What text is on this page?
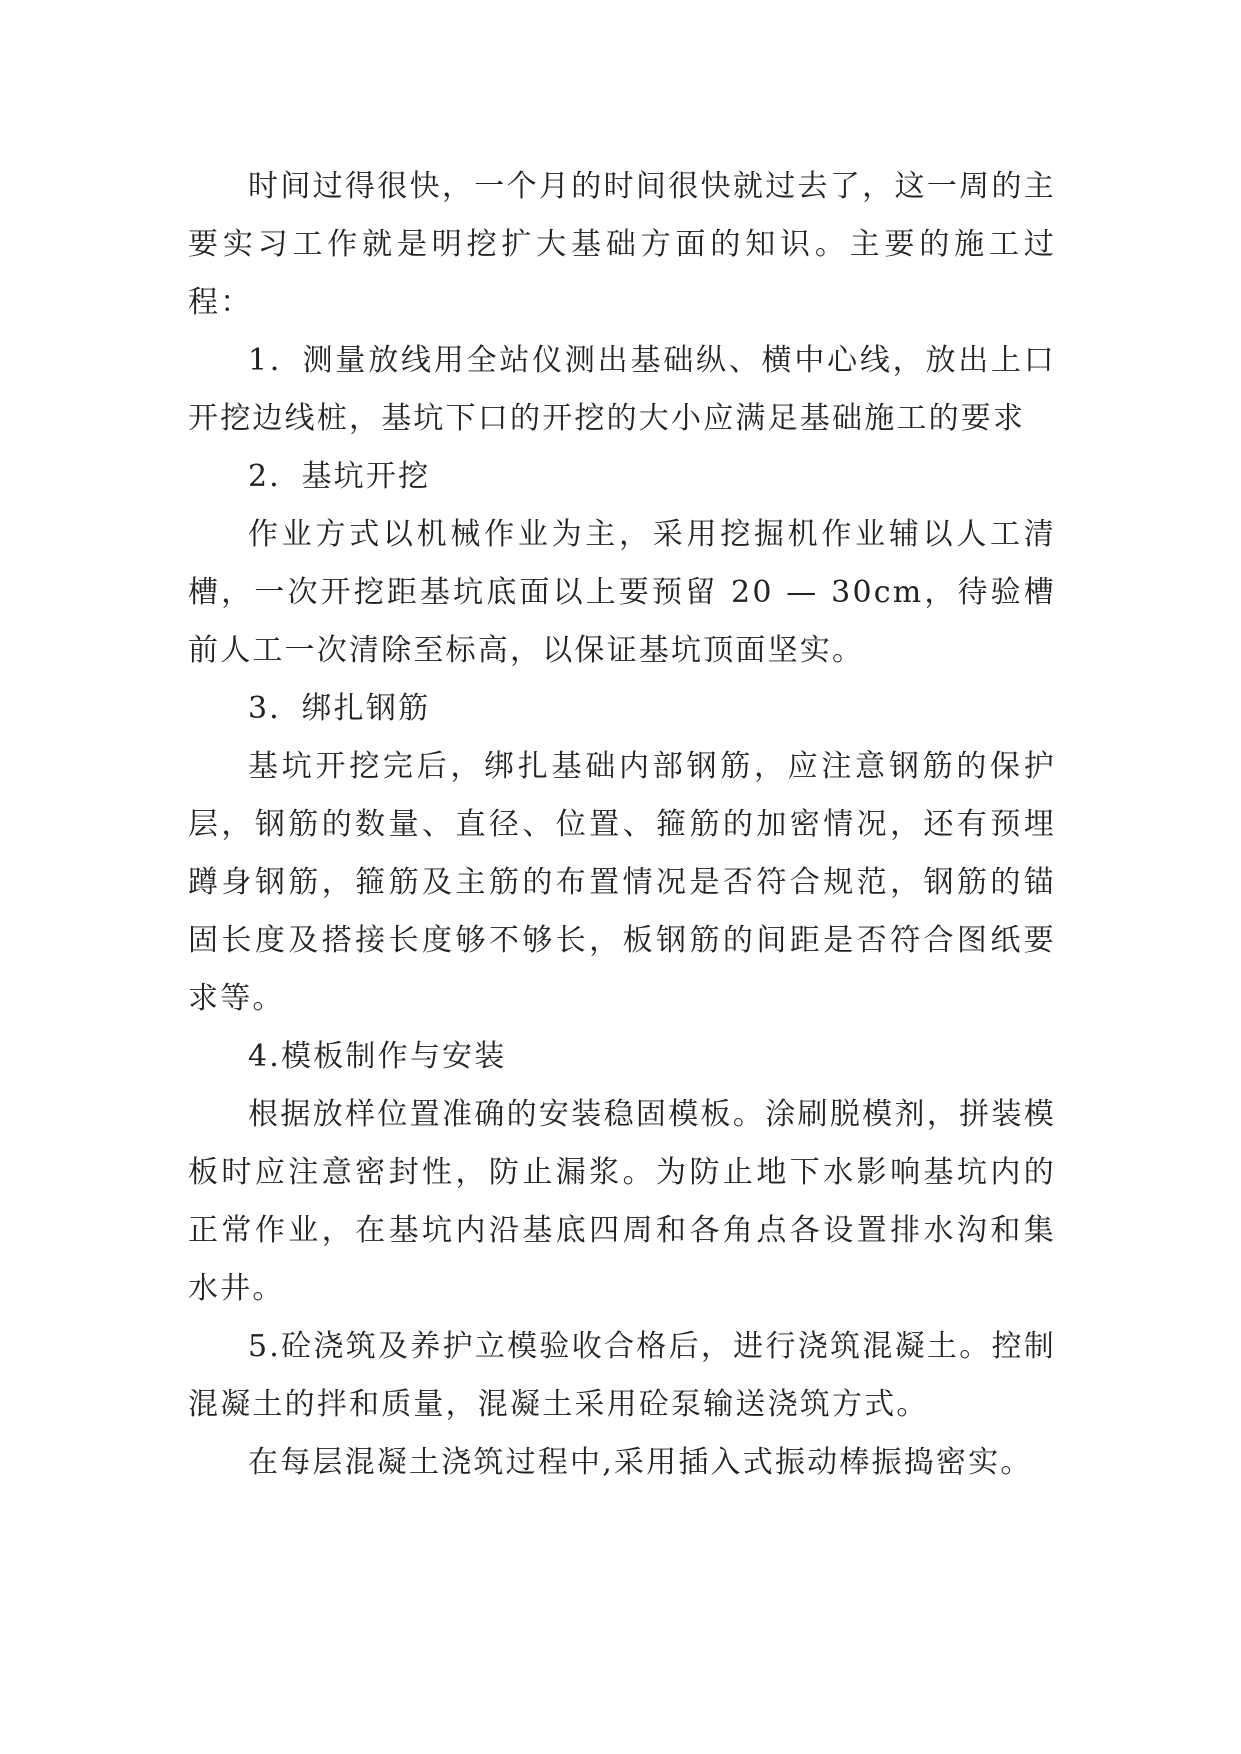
时间过得很快，一个月的时间很快就过去了，这一周的主要实习工作就是明挖扩大基础方面的知识。主要的施工过程：

1．测量放线用全站仪测出基础纵、横中心线，放出上口开挖边线桩，基坑下口的开挖的大小应满足基础施工的要求

2．基坑开挖

作业方式以机械作业为主，采用挖掘机作业辅以人工清槽，一次开挖距基坑底面以上要预留 20 — 30cm，待验槽前人工一次清除至标高，以保证基坑顶面坚实。

3．绑扎钢筋

基坑开挖完后，绑扎基础内部钢筋，应注意钢筋的保护层，钢筋的数量、直径、位置、箍筋的加密情况，还有预埋蹲身钢筋，箍筋及主筋的布置情况是否符合规范，钢筋的锚固长度及搭接长度够不够长，板钢筋的间距是否符合图纸要求等。

4.模板制作与安装

根据放样位置准确的安装稳固模板。涂刷脱模剂，拼装模板时应注意密封性，防止漏浆。为防止地下水影响基坑内的正常作业，在基坑内沿基底四周和各角点各设置排水沟和集水井。

5.砼浇筑及养护立模验收合格后，进行浇筑混凝土。控制混凝土的拌和质量，混凝土采用砼泵输送浇筑方式。

在每层混凝土浇筑过程中,采用插入式振动棒振捣密实。
